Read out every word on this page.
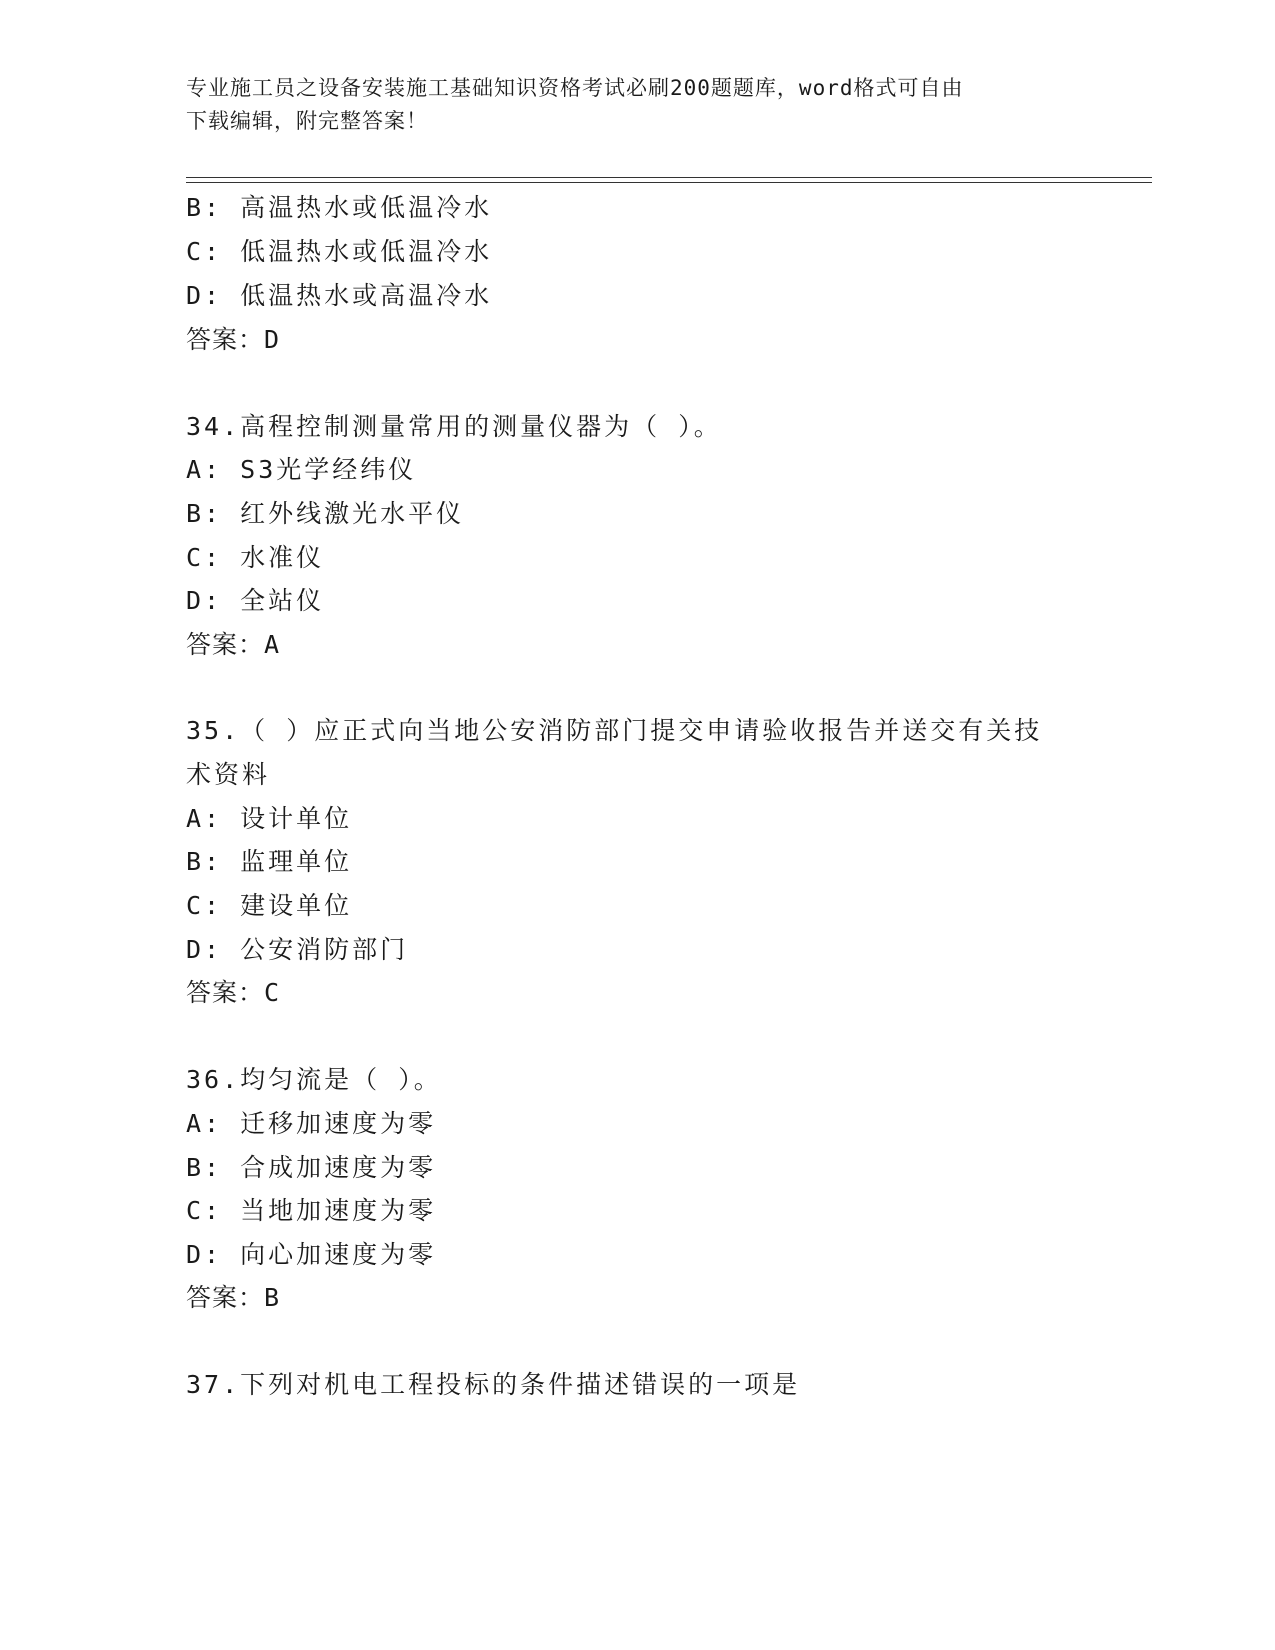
专业施工员之设备安装施工基础知识资格考试必刷200题题库，word格式可自由
下载编辑，附完整答案！
B: 高温热水或低温冷水
C: 低温热水或低温冷水
D: 低温热水或高温冷水
答案：D
34.高程控制测量常用的测量仪器为（ ）。
A: S3光学经纬仪
B: 红外线激光水平仪
C: 水准仪
D: 全站仪
答案：A
35.（ ）应正式向当地公安消防部门提交申请验收报告并送交有关技
术资料
A: 设计单位
B: 监理单位
C: 建设单位
D: 公安消防部门
答案：C
36.均匀流是（ ）。
A: 迁移加速度为零
B: 合成加速度为零
C: 当地加速度为零
D: 向心加速度为零
答案：B
37.下列对机电工程投标的条件描述错误的一项是
